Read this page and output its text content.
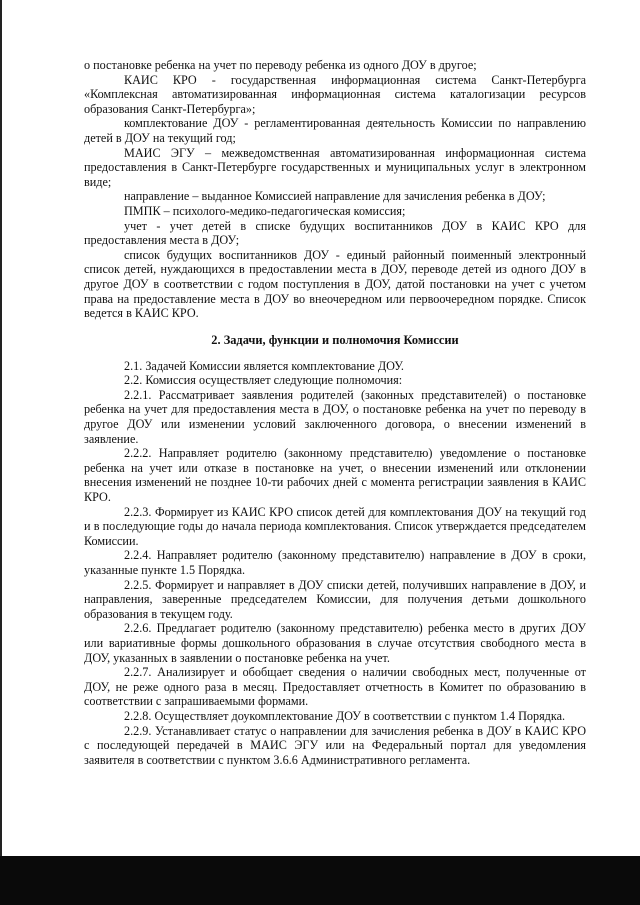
о постановке ребенка на учет по переводу ребенка из одного ДОУ в другое;

КАИС КРО - государственная информационная система Санкт-Петербурга «Комплексная автоматизированная информационная система каталогизации ресурсов образования Санкт-Петербурга»;

комплектование ДОУ - регламентированная деятельность Комиссии по направлению детей в ДОУ на текущий год;

МАИС ЭГУ – межведомственная автоматизированная информационная система предоставления в Санкт-Петербурге государственных и муниципальных услуг в электронном виде;

направление – выданное Комиссией направление для зачисления ребенка в ДОУ;

ПМПК – психолого-медико-педагогическая комиссия;

учет - учет детей в списке будущих воспитанников ДОУ в КАИС КРО для предоставления места в ДОУ;

список будущих воспитанников ДОУ - единый районный поименный электронный список детей, нуждающихся в предоставлении места в ДОУ, переводе детей из одного ДОУ в другое ДОУ в соответствии с годом поступления в ДОУ, датой постановки на учет с учетом права на предоставление места в ДОУ во внеочередном или первоочередном порядке. Список ведется в КАИС КРО.

2. Задачи, функции и полномочия Комиссии

2.1. Задачей Комиссии является комплектование ДОУ.

2.2. Комиссия осуществляет следующие полномочия:

2.2.1. Рассматривает заявления родителей (законных представителей) о постановке ребенка на учет для предоставления места в ДОУ, о постановке ребенка на учет по переводу в другое ДОУ или изменении условий заключенного договора, о внесении изменений в заявление.

2.2.2. Направляет родителю (законному представителю) уведомление о постановке ребенка на учет или отказе в постановке на учет, о внесении изменений или отклонении внесения изменений не позднее 10-ти рабочих дней с момента регистрации заявления в КАИС КРО.

2.2.3. Формирует из КАИС КРО список детей для комплектования ДОУ на текущий год и в последующие годы до начала периода комплектования. Список утверждается председателем Комиссии.

2.2.4. Направляет родителю (законному представителю) направление в ДОУ в сроки, указанные пункте 1.5 Порядка.

2.2.5. Формирует и направляет в ДОУ списки детей, получивших направление в ДОУ, и направления, заверенные председателем Комиссии, для получения детьми дошкольного образования в текущем году.

2.2.6. Предлагает родителю (законному представителю) ребенка место в других ДОУ или вариативные формы дошкольного образования в случае отсутствия свободного места в ДОУ, указанных в заявлении о постановке ребенка на учет.

2.2.7. Анализирует и обобщает сведения о наличии свободных мест, полученные от ДОУ, не реже одного раза в месяц. Предоставляет отчетность в Комитет по образованию в соответствии с запрашиваемыми формами.

2.2.8. Осуществляет доукомплектование ДОУ в соответствии с пунктом 1.4 Порядка.

2.2.9. Устанавливает статус о направлении для зачисления ребенка в ДОУ в КАИС КРО с последующей передачей в МАИС ЭГУ или на Федеральный портал для уведомления заявителя в соответствии с пунктом 3.6.6 Административного регламента.
